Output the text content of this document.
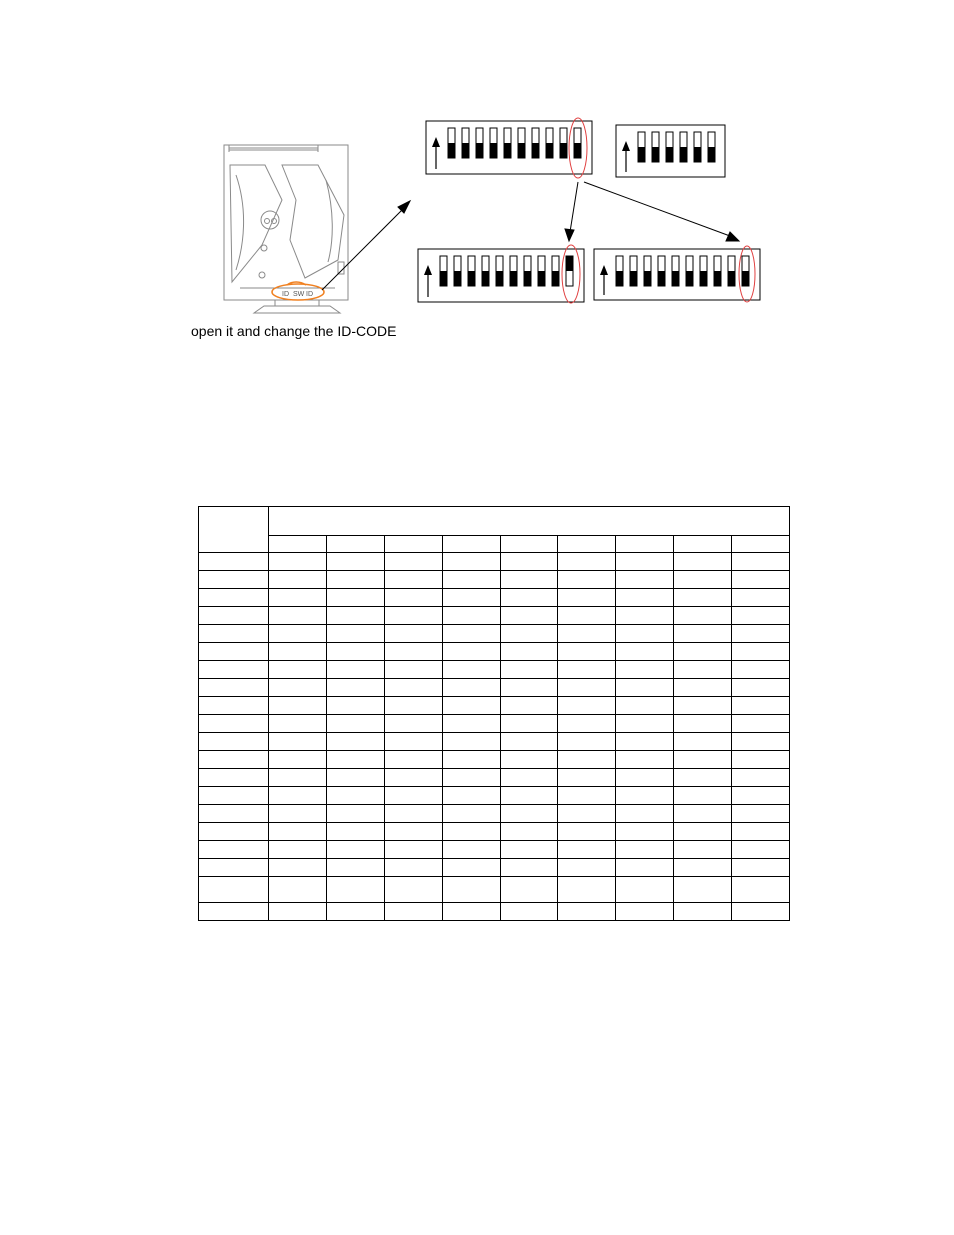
ID SW ID
open it and change the ID-CODE
